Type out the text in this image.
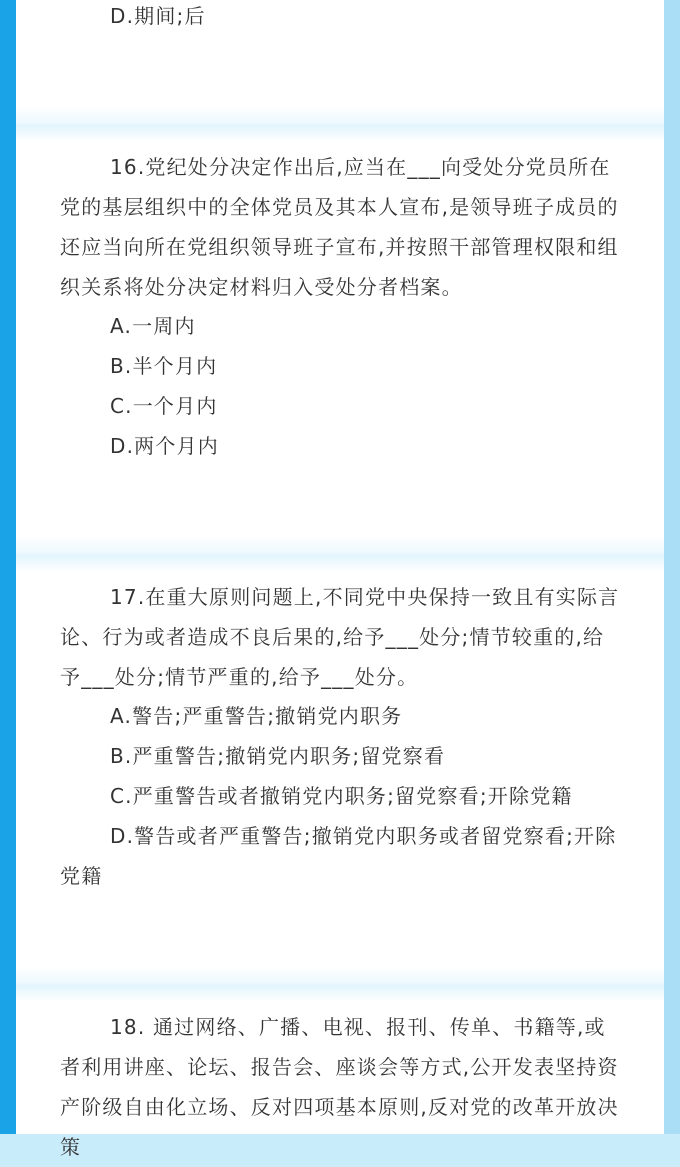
D.期间;后

16.党纪处分决定作出后,应当在___向受处分党员所在党的基层组织中的全体党员及其本人宣布,是领导班子成员的还应当向所在党组织领导班子宣布,并按照干部管理权限和组织关系将处分决定材料归入受处分者档案。

A.一周内
B.半个月内
C.一个月内
D.两个月内

17.在重大原则问题上,不同党中央保持一致且有实际言论、行为或者造成不良后果的,给予___处分;情节较重的,给予___处分;情节严重的,给予___处分。

A.警告;严重警告;撤销党内职务
B.严重警告;撤销党内职务;留党察看
C.严重警告或者撤销党内职务;留党察看;开除党籍

D.警告或者严重警告;撤销党内职务或者留党察看;开除党籍

18. 通过网络、广播、电视、报刊、传单、书籍等,或者利用讲座、论坛、报告会、座谈会等方式,公开发表坚持资产阶级自由化立场、反对四项基本原则,反对党的改革开放决策
